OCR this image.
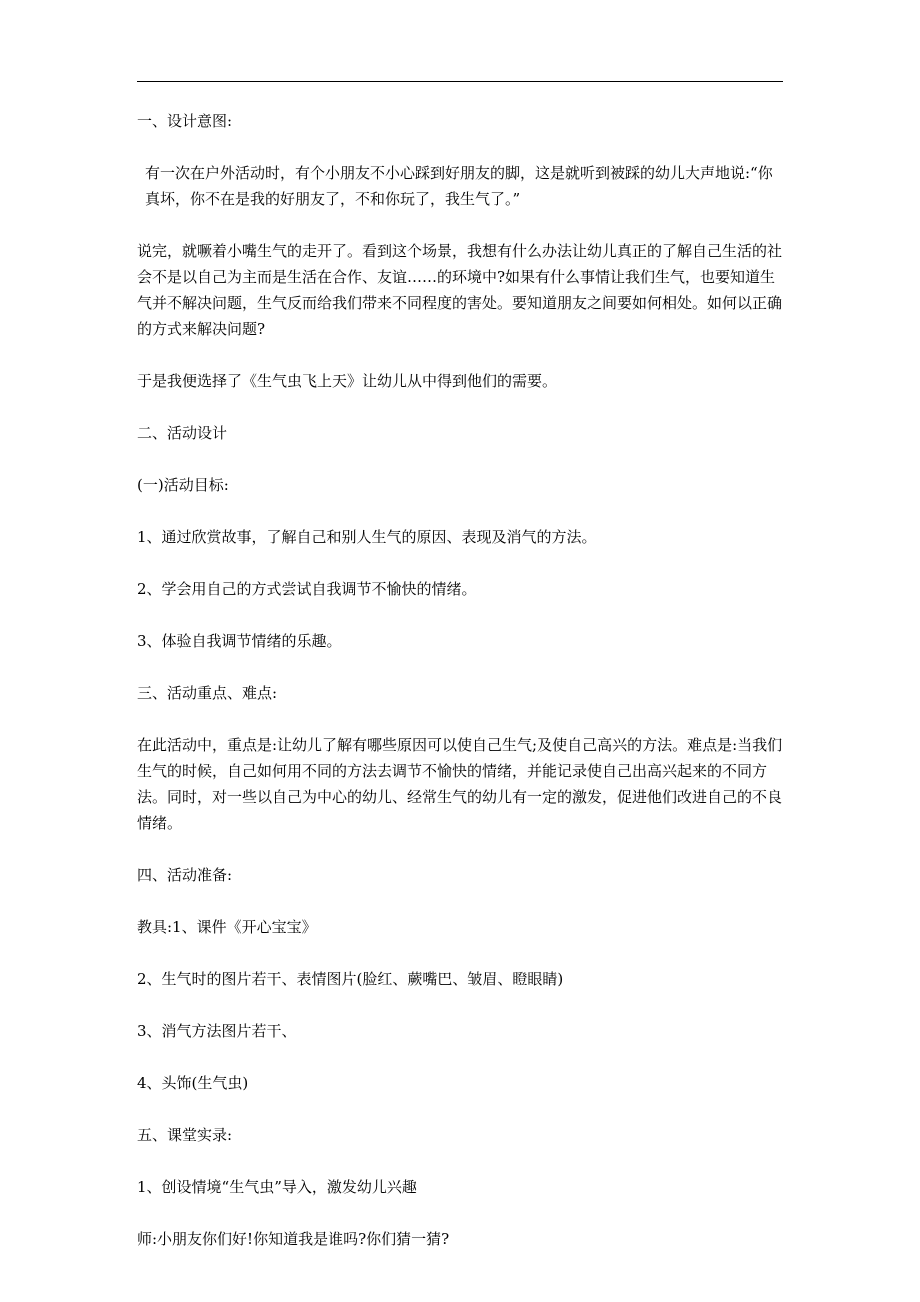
一、设计意图:

有一次在户外活动时，有个小朋友不小心踩到好朋友的脚，这是就听到被踩的幼儿大声地说:“你真坏，你不在是我的好朋友了，不和你玩了，我生气了。”

说完，就噘着小嘴生气的走开了。看到这个场景，我想有什么办法让幼儿真正的了解自己生活的社会不是以自己为主而是生活在合作、友谊……的环境中?如果有什么事情让我们生气，也要知道生气并不解决问题，生气反而给我们带来不同程度的害处。要知道朋友之间要如何相处。如何以正确的方式来解决问题?

于是我便选择了《生气虫飞上天》让幼儿从中得到他们的需要。

二、活动设计

(一)活动目标:

1、通过欣赏故事，了解自己和别人生气的原因、表现及消气的方法。

2、学会用自己的方式尝试自我调节不愉快的情绪。

3、体验自我调节情绪的乐趣。

三、活动重点、难点:

在此活动中，重点是:让幼儿了解有哪些原因可以使自己生气;及使自己高兴的方法。难点是:当我们生气的时候，自己如何用不同的方法去调节不愉快的情绪，并能记录使自己出高兴起来的不同方法。同时，对一些以自己为中心的幼儿、经常生气的幼儿有一定的激发，促进他们改进自己的不良情绪。

四、活动准备:

教具:1、课件《开心宝宝》

2、生气时的图片若干、表情图片(脸红、蕨嘴巴、皱眉、瞪眼睛)

3、消气方法图片若干、

4、头饰(生气虫)

五、课堂实录:

1、创设情境“生气虫”导入，激发幼儿兴趣

师:小朋友你们好!你知道我是谁吗?你们猜一猜?
